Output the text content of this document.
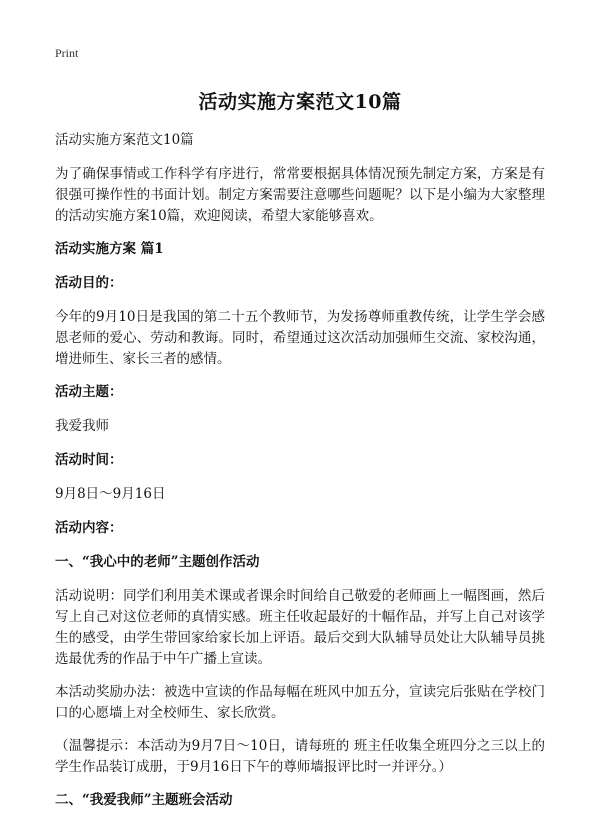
Print
活动实施方案范文10篇

活动实施方案范文10篇

为了确保事情或工作科学有序进行，常常要根据具体情况预先制定方案，方案是有很强可操作性的书面计划。制定方案需要注意哪些问题呢？以下是小编为大家整理的活动实施方案10篇，欢迎阅读，希望大家能够喜欢。

活动实施方案 篇1

活动目的：

今年的9月10日是我国的第二十五个教师节，为发扬尊师重教传统，让学生学会感恩老师的爱心、劳动和教诲。同时，希望通过这次活动加强师生交流、家校沟通，增进师生、家长三者的感情。

活动主题：

我爱我师

活动时间：

9月8日～9月16日

活动内容：

一、“我心中的老师”主题创作活动

活动说明：同学们利用美术课或者课余时间给自己敬爱的老师画上一幅图画，然后写上自己对这位老师的真情实感。班主任收起最好的十幅作品，并写上自己对该学生的感受，由学生带回家给家长加上评语。最后交到大队辅导员处让大队辅导员挑选最优秀的作品于中午广播上宣读。

本活动奖励办法：被选中宣读的作品每幅在班风中加五分，宣读完后张贴在学校门口的心愿墙上对全校师生、家长欣赏。

（温馨提示：本活动为9月7日～10日，请每班的 班主任收集全班四分之三以上的学生作品装订成册，于9月16日下午的尊师墙报评比时一并评分。）

二、“我爱我师”主题班会活动
